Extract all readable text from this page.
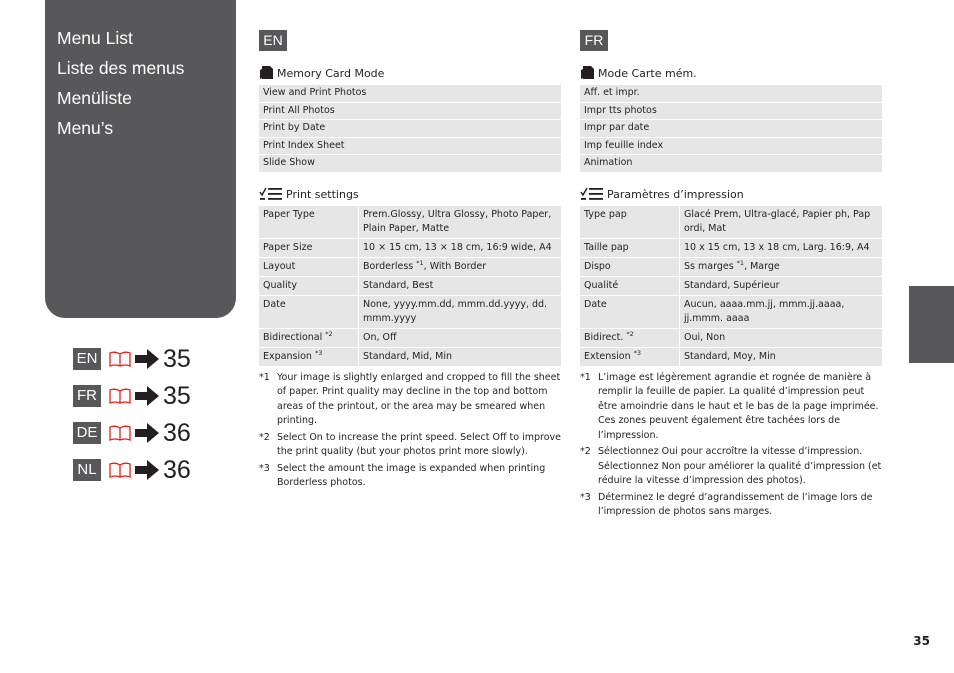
Menu List
Liste des menus
Menüliste
Menu’s
EN	35
FR	35
DE	36
NL	36
EN
Memory Card Mode
View and Print Photos
Print All Photos
Print by Date
Print Index Sheet
Slide Show
Print settings
Paper Type	Prem.Glossy, Ultra Glossy, Photo Paper, Plain Paper, Matte
Paper Size	10 × 15 cm, 13 × 18 cm, 16:9 wide, A4
Layout	Borderless $^{*1}$, With Border
Quality	Standard, Best
Date	None, yyyy.mm.dd, mmm.dd.yyyy, dd. mmm.yyyy
Bidirectional $^{*2}$	On, Off
Expansion $^{*3}$	Standard, Mid, Min
*1 Your image is slightly enlarged and cropped to fill the sheet of paper. Print quality may decline in the top and bottom areas of the printout, or the area may be smeared when printing.
*2 Select On to increase the print speed. Select Off to improve the print quality (but your photos print more slowly).
*3 Select the amount the image is expanded when printing Borderless photos.
FR
Mode Carte mém.
Aff. et impr.
Impr tts photos
Impr par date
Imp feuille index
Animation
Paramètres d’impression
Type pap	Glacé Prem, Ultra-glacé, Papier ph, Pap ordi, Mat
Taille pap	10 x 15 cm, 13 x 18 cm, Larg. 16:9, A4
Dispo	Ss marges $^{*1}$, Marge
Qualité	Standard, Supérieur
Date	Aucun, aaaa.mm.jj, mmm.jj.aaaa, jj.mmm. aaaa
Bidirect. $^{*2}$	Oui, Non
Extension $^{*3}$	Standard, Moy, Min
*1 L’image est légèrement agrandie et rognée de manière à remplir la feuille de papier. La qualité d’impression peut être amoindrie dans le haut et le bas de la page imprimée. Ces zones peuvent également être tachées lors de l’impression.
*2 Sélectionnez Oui pour accroître la vitesse d’impression. Sélectionnez Non pour améliorer la qualité d’impression (et réduire la vitesse d’impression des photos).
*3 Déterminez le degré d’agrandissement de l’image lors de l’impression de photos sans marges.
35
